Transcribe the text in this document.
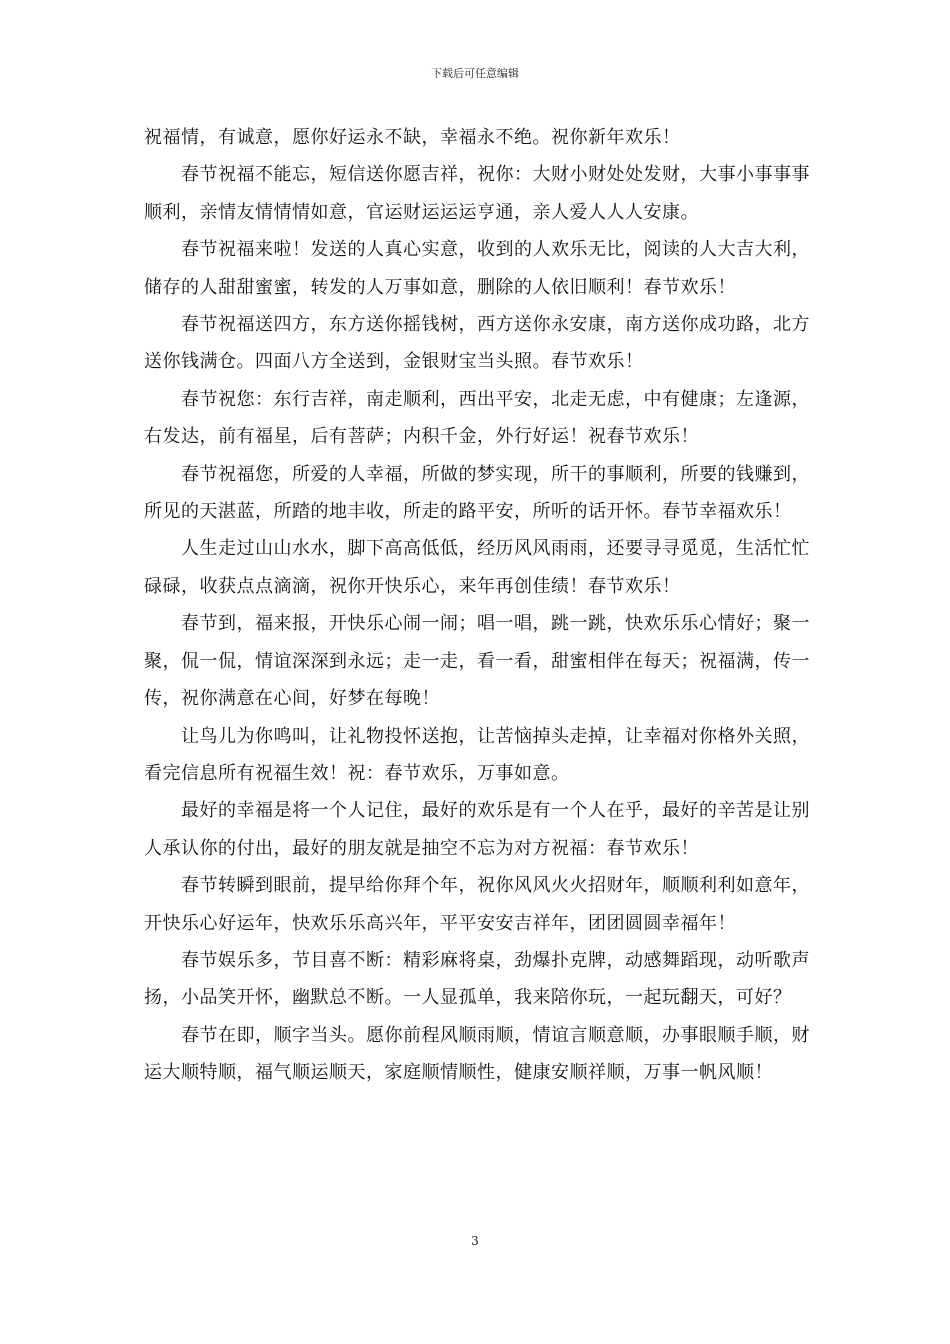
下载后可任意编辑

祝福情，有诚意，愿你好运永不缺，幸福永不绝。祝你新年欢乐！

春节祝福不能忘，短信送你愿吉祥，祝你：大财小财处处发财，大事小事事事顺利，亲情友情情情如意，官运财运运运亨通，亲人爱人人人安康。

春节祝福来啦！发送的人真心实意，收到的人欢乐无比，阅读的人大吉大利，储存的人甜甜蜜蜜，转发的人万事如意，删除的人依旧顺利！春节欢乐！

春节祝福送四方，东方送你摇钱树，西方送你永安康，南方送你成功路，北方送你钱满仓。四面八方全送到，金银财宝当头照。春节欢乐！

春节祝您：东行吉祥，南走顺利，西出平安，北走无虑，中有健康；左逢源，右发达，前有福星，后有菩萨；内积千金，外行好运！祝春节欢乐！

春节祝福您，所爱的人幸福，所做的梦实现，所干的事顺利，所要的钱赚到，所见的天湛蓝，所踏的地丰收，所走的路平安，所听的话开怀。春节幸福欢乐！

人生走过山山水水，脚下高高低低，经历风风雨雨，还要寻寻觅觅，生活忙忙碌碌，收获点点滴滴，祝你开快乐心，来年再创佳绩！春节欢乐！

春节到，福来报，开快乐心闹一闹；唱一唱，跳一跳，快欢乐乐心情好；聚一聚，侃一侃，情谊深深到永远；走一走，看一看，甜蜜相伴在每天；祝福满，传一传，祝你满意在心间，好梦在每晚！

让鸟儿为你鸣叫，让礼物投怀送抱，让苦恼掉头走掉，让幸福对你格外关照，看完信息所有祝福生效！祝：春节欢乐，万事如意。

最好的幸福是将一个人记住，最好的欢乐是有一个人在乎，最好的辛苦是让别人承认你的付出，最好的朋友就是抽空不忘为对方祝福：春节欢乐！

春节转瞬到眼前，提早给你拜个年，祝你风风火火招财年，顺顺利利如意年，开快乐心好运年，快欢乐乐高兴年，平平安安吉祥年，团团圆圆幸福年！

春节娱乐多，节目喜不断：精彩麻将桌，劲爆扑克牌，动感舞蹈现，动听歌声扬，小品笑开怀，幽默总不断。一人显孤单，我来陪你玩，一起玩翻天，可好？

春节在即，顺字当头。愿你前程风顺雨顺，情谊言顺意顺，办事眼顺手顺，财运大顺特顺，福气顺运顺天，家庭顺情顺性，健康安顺祥顺，万事一帆风顺！

3
